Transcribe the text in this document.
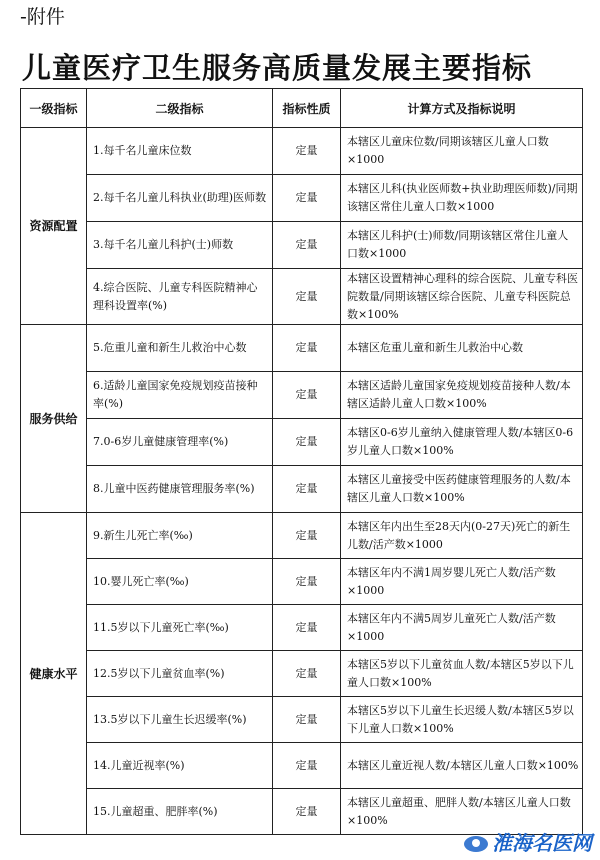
-附件
儿童医疗卫生服务高质量发展主要指标
一级指标	二级指标	指标性质	计算方式及指标说明
资源配置	1.每千名儿童床位数	定量	本辖区儿童床位数/同期该辖区儿童人口数×1000
	2.每千名儿童儿科执业(助理)医师数	定量	本辖区儿科(执业医师数+执业助理医师数)/同期该辖区常住儿童人口数×1000
	3.每千名儿童儿科护(士)师数	定量	本辖区儿科护(士)师数/同期该辖区常住儿童人口数×1000
	4.综合医院、儿童专科医院精神心理科设置率(%)	定量	本辖区设置精神心理科的综合医院、儿童专科医院数量/同期该辖区综合医院、儿童专科医院总数×100%
服务供给	5.危重儿童和新生儿救治中心数	定量	本辖区危重儿童和新生儿救治中心数
	6.适龄儿童国家免疫规划疫苗接种率(%)	定量	本辖区适龄儿童国家免疫规划疫苗接种人数/本辖区适龄儿童人口数×100%
	7.0-6岁儿童健康管理率(%)	定量	本辖区0-6岁儿童纳入健康管理人数/本辖区0-6岁儿童人口数×100%
	8.儿童中医药健康管理服务率(%)	定量	本辖区儿童接受中医药健康管理服务的人数/本辖区儿童人口数×100%
健康水平	9.新生儿死亡率(‰)	定量	本辖区年内出生至28天内(0-27天)死亡的新生儿数/活产数×1000
	10.婴儿死亡率(‰)	定量	本辖区年内不满1周岁婴儿死亡人数/活产数×1000
	11.5岁以下儿童死亡率(‰)	定量	本辖区年内不满5周岁儿童死亡人数/活产数×1000
	12.5岁以下儿童贫血率(%)	定量	本辖区5岁以下儿童贫血人数/本辖区5岁以下儿童人口数×100%
	13.5岁以下儿童生长迟缓率(%)	定量	本辖区5岁以下儿童生长迟缓人数/本辖区5岁以下儿童人口数×100%
	14.儿童近视率(%)	定量	本辖区儿童近视人数/本辖区儿童人口数×100%
	15.儿童超重、肥胖率(%)	定量	本辖区儿童超重、肥胖人数/本辖区儿童人口数×100%
淮海名医网
